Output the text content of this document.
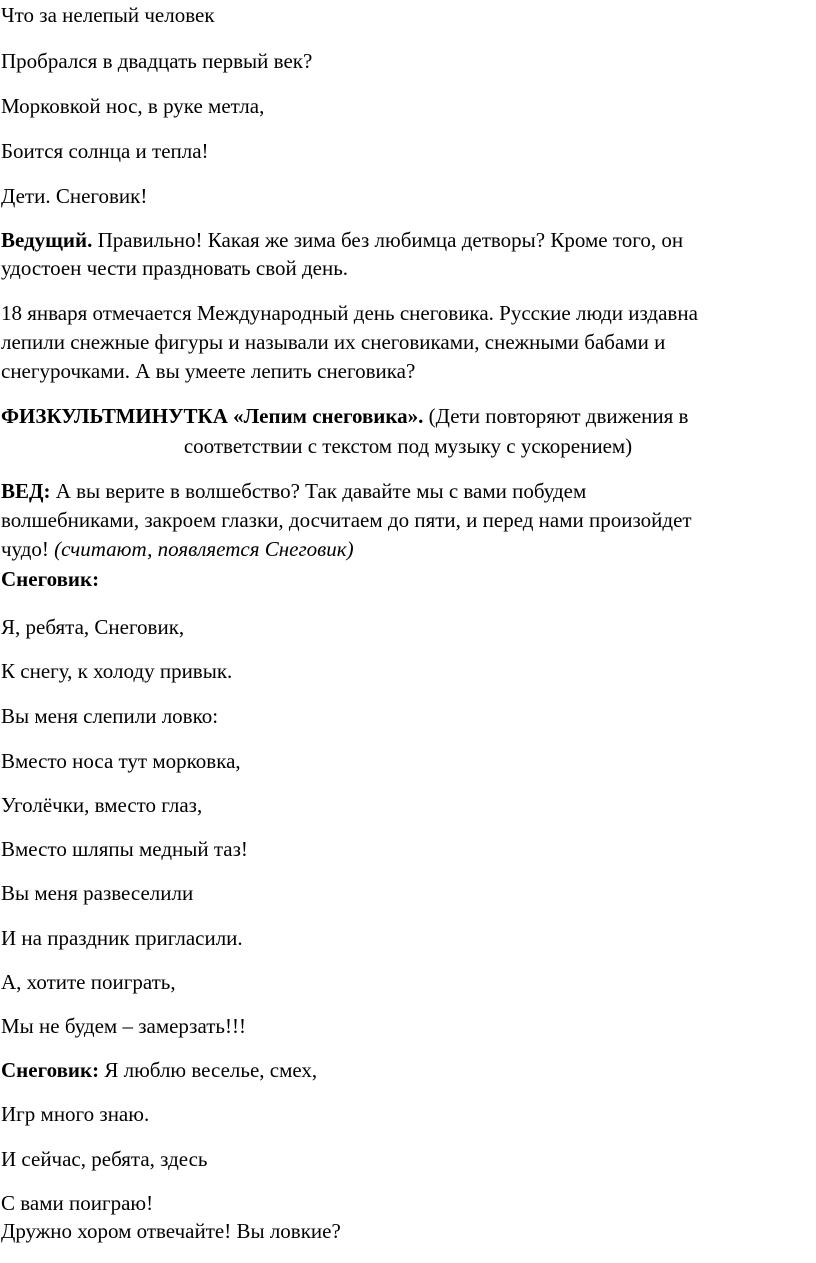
Что за нелепый человек
Пробрался в двадцать первый век?
Морковкой нос, в руке метла,
Боится солнца и тепла!
Дети. Снеговик!
Ведущий. Правильно! Какая же зима без любимца детворы? Кроме того, он
удостоен чести праздновать свой день.
18 января отмечается Международный день снеговика. Русские люди издавна
лепили снежные фигуры и называли их снеговиками, снежными бабами и
снегурочками. А вы умеете лепить снеговика?
ФИЗКУЛЬТМИНУТКА «Лепим снеговика». (Дети повторяют движения в
соответствии с текстом под музыку с ускорением)
ВЕД: А вы верите в волшебство? Так давайте мы с вами побудем
волшебниками, закроем глазки, досчитаем до пяти, и перед нами произойдет
чудо! (считают, появляется Снеговик)
Снеговик:
Я, ребята, Снеговик,
К снегу, к холоду привык.
Вы меня слепили ловко:
Вместо носа тут морковка,
Уголёчки, вместо глаз,
Вместо шляпы медный таз!
Вы меня развеселили
И на праздник пригласили.
А, хотите поиграть,
Мы не будем – замерзать!!!
Снеговик: Я люблю веселье, смех,
Игр много знаю.
И сейчас, ребята, здесь
С вами поиграю!
Дружно хором отвечайте! Вы ловкие?
